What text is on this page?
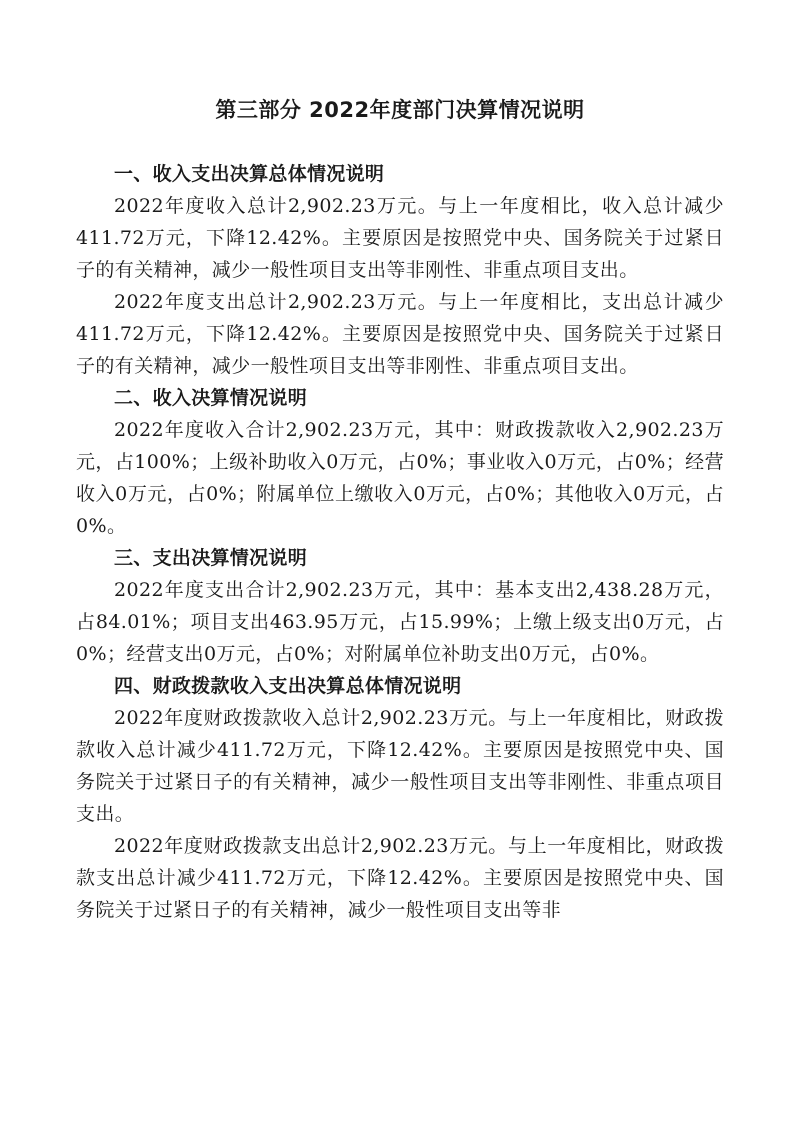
第三部分 2022年度部门决算情况说明
一、收入支出决算总体情况说明

2022年度收入总计2,902.23万元。与上一年度相比，收入总计减少411.72万元，下降12.42%。主要原因是按照党中央、国务院关于过紧日子的有关精神，减少一般性项目支出等非刚性、非重点项目支出。

2022年度支出总计2,902.23万元。与上一年度相比，支出总计减少411.72万元，下降12.42%。主要原因是按照党中央、国务院关于过紧日子的有关精神，减少一般性项目支出等非刚性、非重点项目支出。

二、收入决算情况说明

2022年度收入合计2,902.23万元，其中：财政拨款收入2,902.23万元，占100%；上级补助收入0万元，占0%；事业收入0万元，占0%；经营收入0万元，占0%；附属单位上缴收入0万元，占0%；其他收入0万元，占0%。

三、支出决算情况说明

2022年度支出合计2,902.23万元，其中：基本支出2,438.28万元，占84.01%；项目支出463.95万元，占15.99%；上缴上级支出0万元，占0%；经营支出0万元，占0%；对附属单位补助支出0万元，占0%。

四、财政拨款收入支出决算总体情况说明

2022年度财政拨款收入总计2,902.23万元。与上一年度相比，财政拨款收入总计减少411.72万元，下降12.42%。主要原因是按照党中央、国务院关于过紧日子的有关精神，减少一般性项目支出等非刚性、非重点项目支出。

2022年度财政拨款支出总计2,902.23万元。与上一年度相比，财政拨款支出总计减少411.72万元，下降12.42%。主要原因是按照党中央、国务院关于过紧日子的有关精神，减少一般性项目支出等非
